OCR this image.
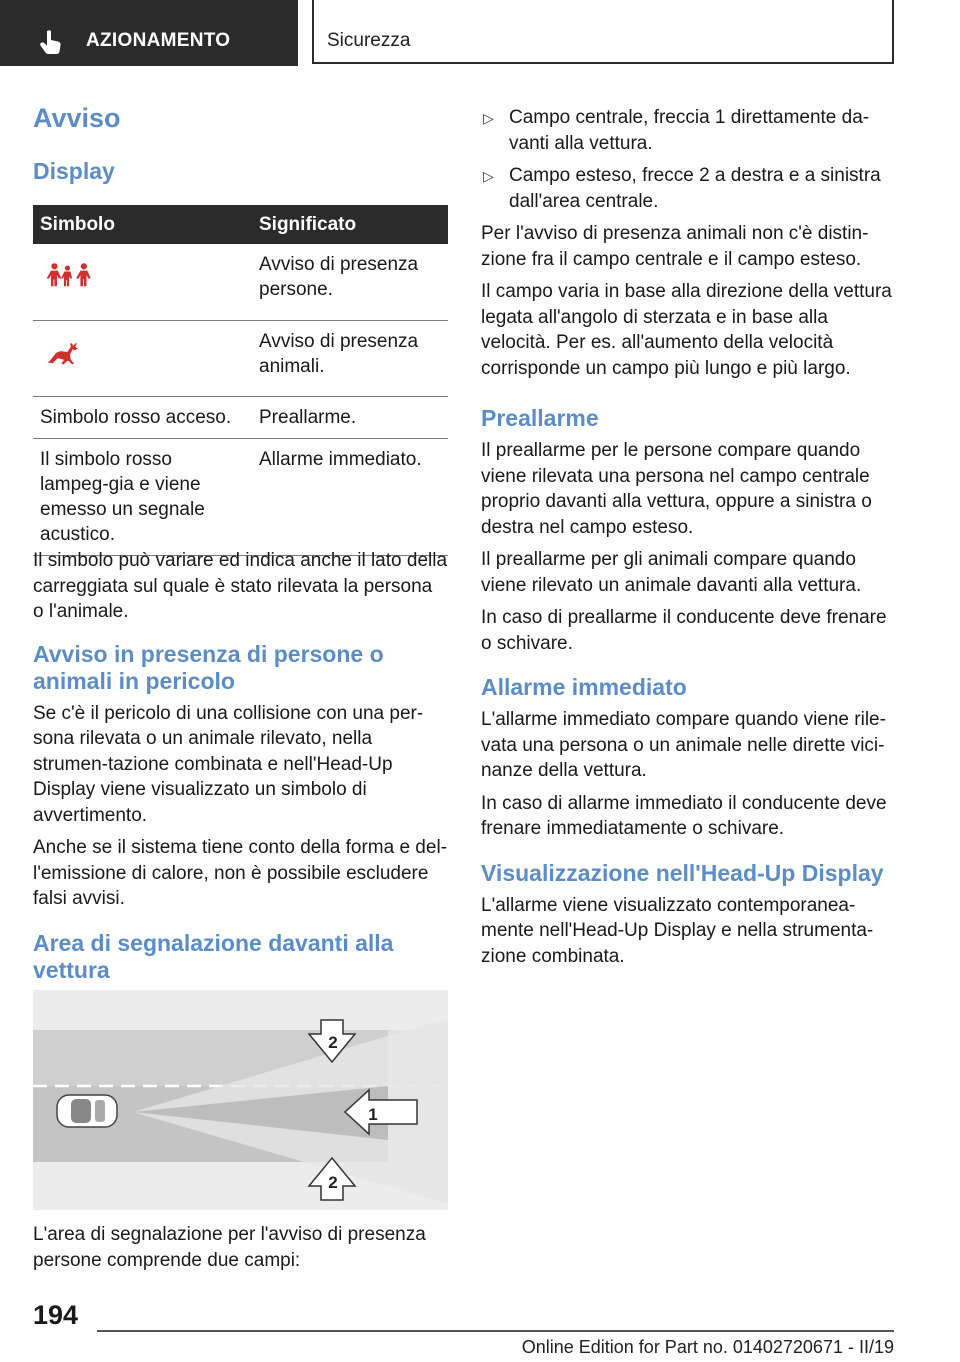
AZIONAMENTO	Sicurezza
Avviso
Display
Simbolo	Significato

	Avviso di presenza persone.

	Avviso di presenza animali.
Simbolo rosso acceso.	Preallarme.
Il simbolo rosso lampeg-gia e viene emesso un segnale acustico.	Allarme immediato.

Il simbolo può variare ed indica anche il lato della carreggiata sul quale è stato rilevata la persona o l'animale.

Avviso in presenza di persone o animali in pericolo

Se c'è il pericolo di una collisione con una per-sona rilevata o un animale rilevato, nella strumen-tazione combinata e nell'Head-Up Display viene visualizzato un simbolo di avvertimento.

Anche se il sistema tiene conto della forma e del-l'emissione di calore, non è possibile escludere falsi avvisi.

Area di segnalazione davanti alla vettura
2
1
2

L'area di segnalazione per l'avviso di presenza persone comprende due campi:

▷ Campo centrale, freccia 1 direttamente da-vanti alla vettura.

▷ Campo esteso, frecce 2 a destra e a sinistra dall'area centrale.

Per l'avviso di presenza animali non c'è distin-zione fra il campo centrale e il campo esteso.

Il campo varia in base alla direzione della vettura legata all'angolo di sterzata e in base alla velocità. Per es. all'aumento della velocità corrisponde un campo più lungo e più largo.

Preallarme

Il preallarme per le persone compare quando viene rilevata una persona nel campo centrale proprio davanti alla vettura, oppure a sinistra o destra nel campo esteso.

Il preallarme per gli animali compare quando viene rilevato un animale davanti alla vettura.

In caso di preallarme il conducente deve frenare o schivare.

Allarme immediato

L'allarme immediato compare quando viene rile-vata una persona o un animale nelle dirette vici-nanze della vettura.

In caso di allarme immediato il conducente deve frenare immediatamente o schivare.

Visualizzazione nell'Head-Up Display

L'allarme viene visualizzato contemporanea-mente nell'Head-Up Display e nella strumenta-zione combinata.

194
Online Edition for Part no. 01402720671 - II/19
